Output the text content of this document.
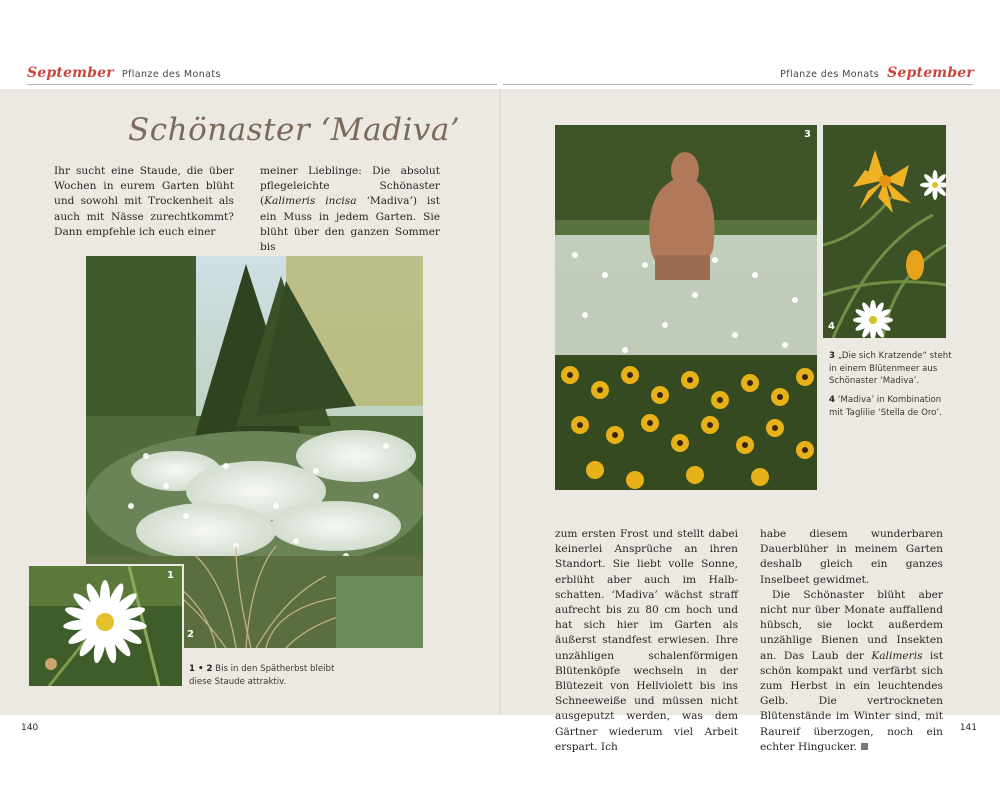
September Pflanze des Monats	Pflanze des Monats September
Schönaster ‘Madiva’

Ihr sucht eine Staude, die über Wochen in eurem Garten blüht und sowohl mit Trockenheit als auch mit Nässe zurechtkommt? Dann empfehle ich euch einer

meiner Lieblinge: Die absolut pflegeleichte Schönaster (Kalimeris incisa ‘Madiva’) ist ein Muss in jedem Garten. Sie blüht über den ganzen Sommer bis

2
1
1 • 2 Bis in den Spätherbst bleibt diese Staude attraktiv.
3
4
3 „Die sich Kratzende“ steht in einem Blütenmeer aus Schönaster ‘Madiva’.
4 ‘Madiva’ in Kombination mit Taglilie ‘Stella de Oro’.

zum ersten Frost und stellt dabei keinerlei Ansprüche an ihren Standort. Sie liebt volle Sonne, erblüht aber auch im Halbschatten. ‘Madiva’ wächst straff aufrecht bis zu 80 cm hoch und hat sich hier im Garten als äußerst standfest erwiesen. Ihre unzähligen schalenförmigen Blütenköpfe wechseln in der Blütezeit von Hellviolett bis ins Schneeweiße und müssen nicht ausgeputzt werden, was dem Gärtner wiederum viel Arbeit erspart. Ich

habe diesem wunderbaren Dauerblüher in meinem Garten deshalb gleich ein ganzes Inselbeet gewidmet.

Die Schönaster blüht aber nicht nur über Monate auffallend hübsch, sie lockt außerdem unzählige Bienen und Insekten an. Das Laub der Kalimeris ist schön kompakt und verfärbt sich zum Herbst in ein leuchtendes Gelb. Die vertrockneten Blütenstände im Winter sind, mit Raureif überzogen, noch ein echter Hingucker.

140	141
